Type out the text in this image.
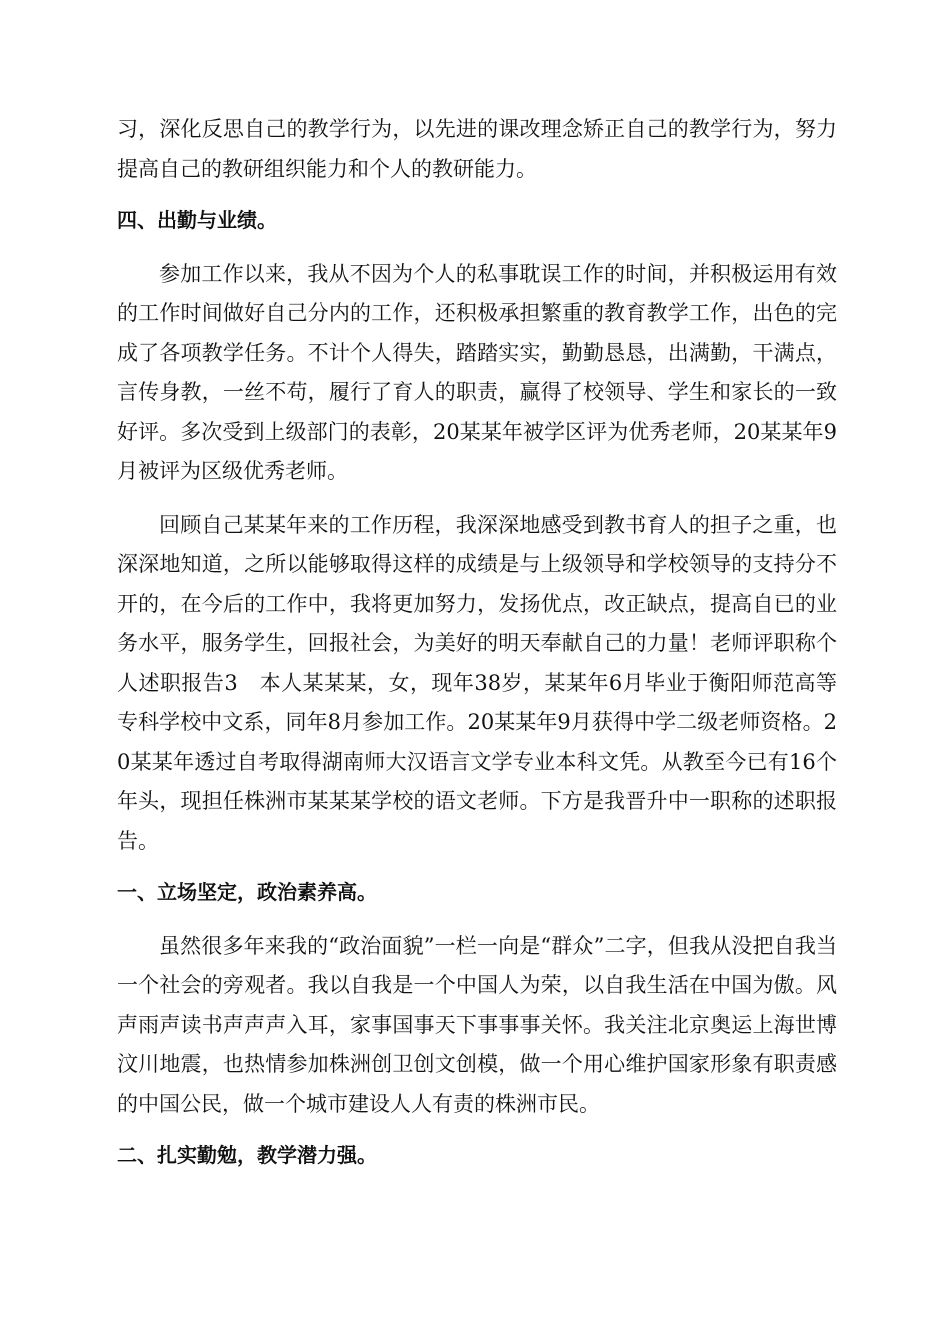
习，深化反思自己的教学行为，以先进的课改理念矫正自己的教学行为，努力提高自己的教研组织能力和个人的教研能力。

四、出勤与业绩。

参加工作以来，我从不因为个人的私事耽误工作的时间，并积极运用有效的工作时间做好自己分内的工作，还积极承担繁重的教育教学工作，出色的完成了各项教学任务。不计个人得失，踏踏实实，勤勤恳恳，出满勤，干满点，言传身教，一丝不苟，履行了育人的职责，赢得了校领导、学生和家长的一致好评。多次受到上级部门的表彰，20某某年被学区评为优秀老师，20某某年9月被评为区级优秀老师。

回顾自己某某年来的工作历程，我深深地感受到教书育人的担子之重，也深深地知道，之所以能够取得这样的成绩是与上级领导和学校领导的支持分不开的，在今后的工作中，我将更加努力，发扬优点，改正缺点，提高自已的业务水平，服务学生，回报社会，为美好的明天奉献自己的力量！老师评职称个人述职报告3　本人某某某，女，现年38岁，某某年6月毕业于衡阳师范高等专科学校中文系，同年8月参加工作。20某某年9月获得中学二级老师资格。20某某年透过自考取得湖南师大汉语言文学专业本科文凭。从教至今已有16个年头，现担任株洲市某某某学校的语文老师。下方是我晋升中一职称的述职报告。

一、立场坚定，政治素养高。

虽然很多年来我的“政治面貌”一栏一向是“群众”二字，但我从没把自我当一个社会的旁观者。我以自我是一个中国人为荣，以自我生活在中国为傲。风声雨声读书声声声入耳，家事国事天下事事事关怀。我关注北京奥运上海世博汶川地震，也热情参加株洲创卫创文创模，做一个用心维护国家形象有职责感的中国公民，做一个城市建设人人有责的株洲市民。

二、扎实勤勉，教学潜力强。
